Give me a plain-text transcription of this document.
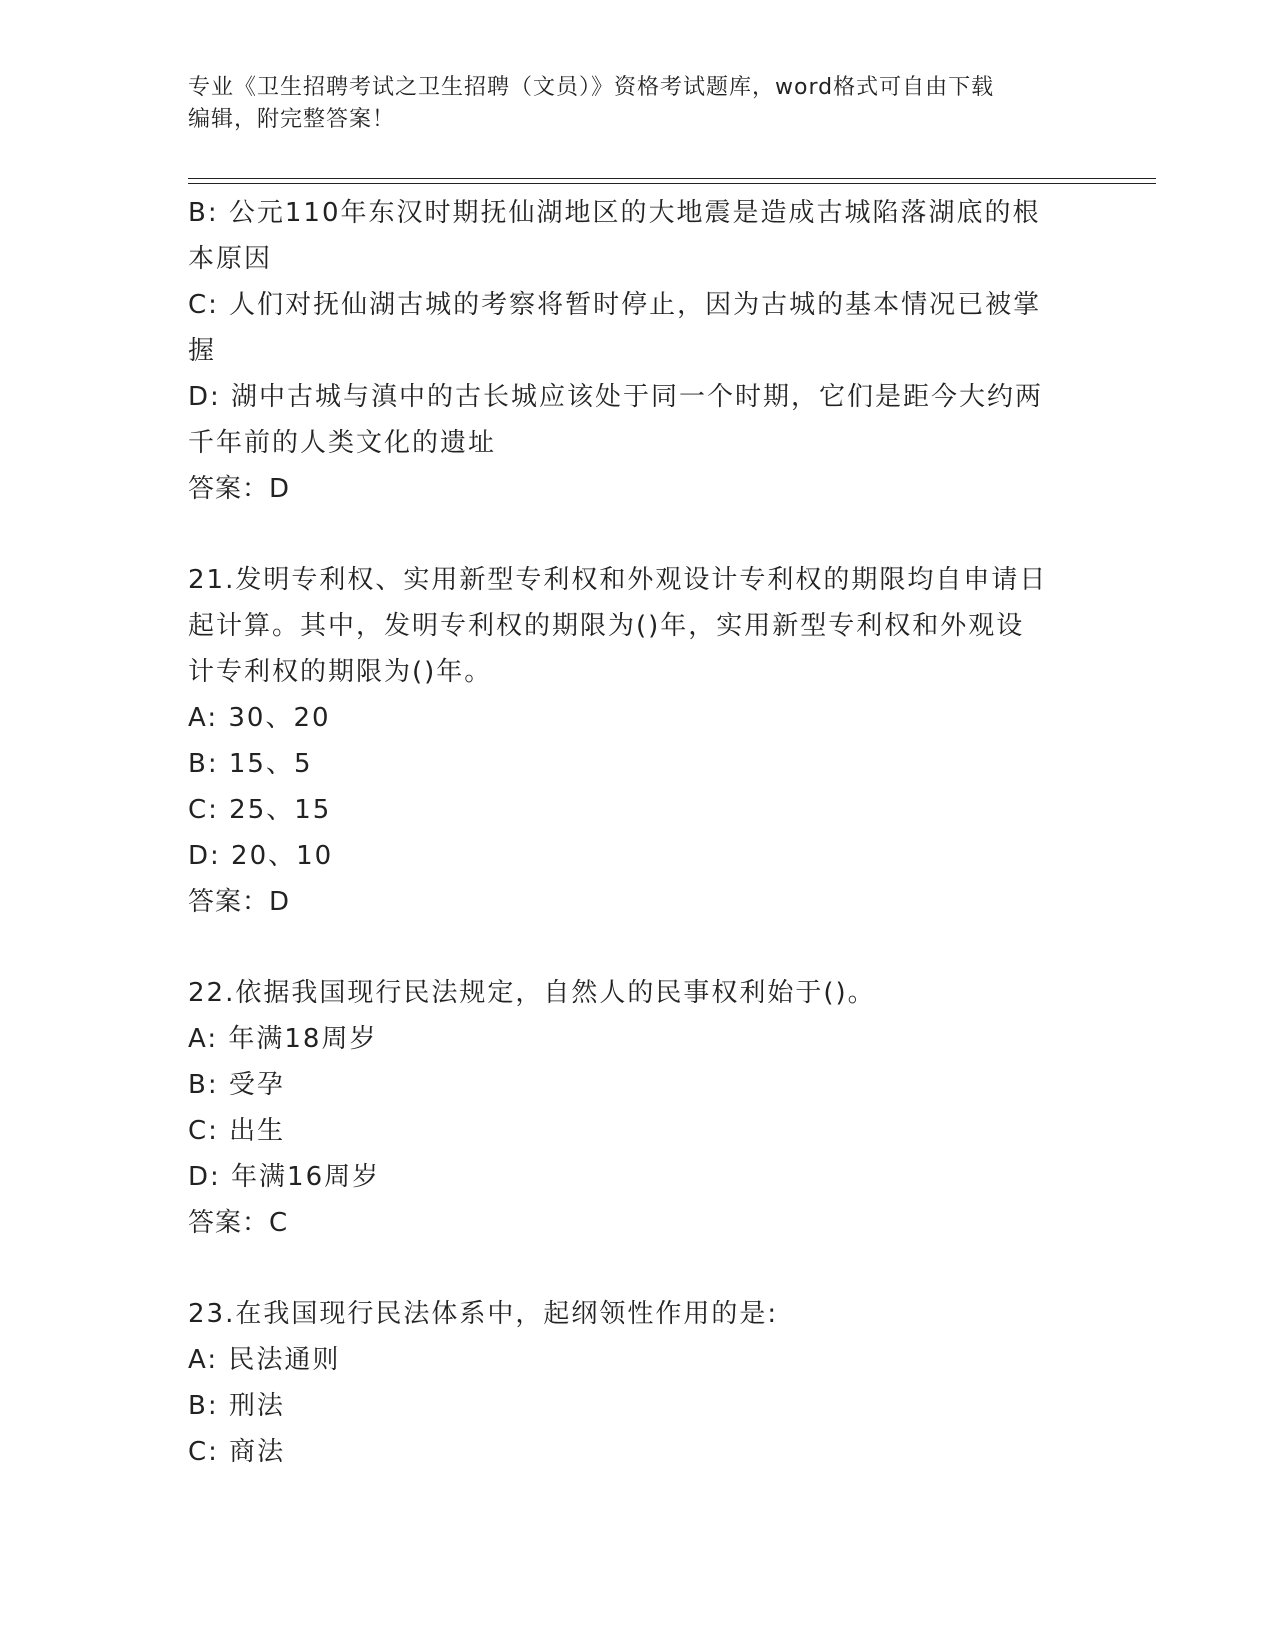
专业《卫生招聘考试之卫生招聘（文员）》资格考试题库，word格式可自由下载
编辑，附完整答案！
B: 公元110年东汉时期抚仙湖地区的大地震是造成古城陷落湖底的根
本原因
C: 人们对抚仙湖古城的考察将暂时停止，因为古城的基本情况已被掌
握
D: 湖中古城与滇中的古长城应该处于同一个时期，它们是距今大约两
千年前的人类文化的遗址
答案：D
21.发明专利权、实用新型专利权和外观设计专利权的期限均自申请日
起计算。其中，发明专利权的期限为()年，实用新型专利权和外观设
计专利权的期限为()年。
A: 30、20
B: 15、5
C: 25、15
D: 20、10
答案：D
22.依据我国现行民法规定，自然人的民事权利始于()。
A: 年满18周岁
B: 受孕
C: 出生
D: 年满16周岁
答案：C
23.在我国现行民法体系中，起纲领性作用的是:
A: 民法通则
B: 刑法
C: 商法
